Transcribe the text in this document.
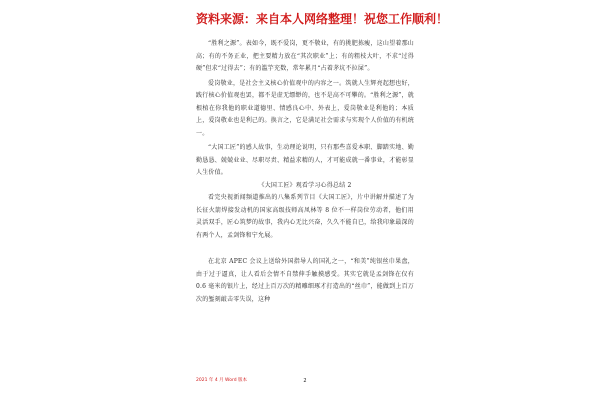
资料来源：来自本人网络整理！祝您工作顺利！

“胜利之源”。表如今，既不爱岗，更不敬业，有的挑肥拣瘦，这山望着那山高；有的不务正业，把主要精力放在“其次职业”上；有的粗枝大叶，不求“过得硬”但求“过得去”；有的滥竽充数，常年累月“占着茅坑不拉屎”。

爱岗敬业，是社会主义核心价值观中的内容之一。筑就人生辉亮起想也好，践行核心价值观也罢，都不是虚无缥缈的，也不是高不可攀的。“胜利之源”，就根植在你我他的职业道德里、情感良心中、外表上，爱岗敬业是利他的；本质上，爱岗敬业也是利己的。换言之，它是满足社会需求与实现个人价值的有机统一。

“大国工匠”的感人故事，生动理论说明，只有那些喜爱本职、脚踏实地、勤勤恳恳、兢兢业业、尽职尽责、精益求精的人，才可能成就一番事业，才能彰显人生价值。

《大国工匠》观看学习心得总结 2

看完央视新闻频道推出的八集系列节目《大国工匠》，片中讲解并描述了为长征火箭焊接发动机的国家高级技师高凤林等 8 位不一样岗位劳动者，他们用灵活双手，匠心筑梦的故事，我内心无比兴奋，久久不能自已，给我印象最深的有两个人，孟剑锋和宁允展。

在北京 APEC 会议上送给外国指导人的国礼之一，“和美”纯银丝巾果盘，由于过于逼真，让人看后会情不自禁伸手触摸感受。其实它就是孟剑锋在仅有 0.6 毫米的银片上，经过上百万次的精雕细琢才打造出的“丝巾”，能做到上百万次的錾刻敲击零失误，这种

2021 年 4 月 Word 版本	2
